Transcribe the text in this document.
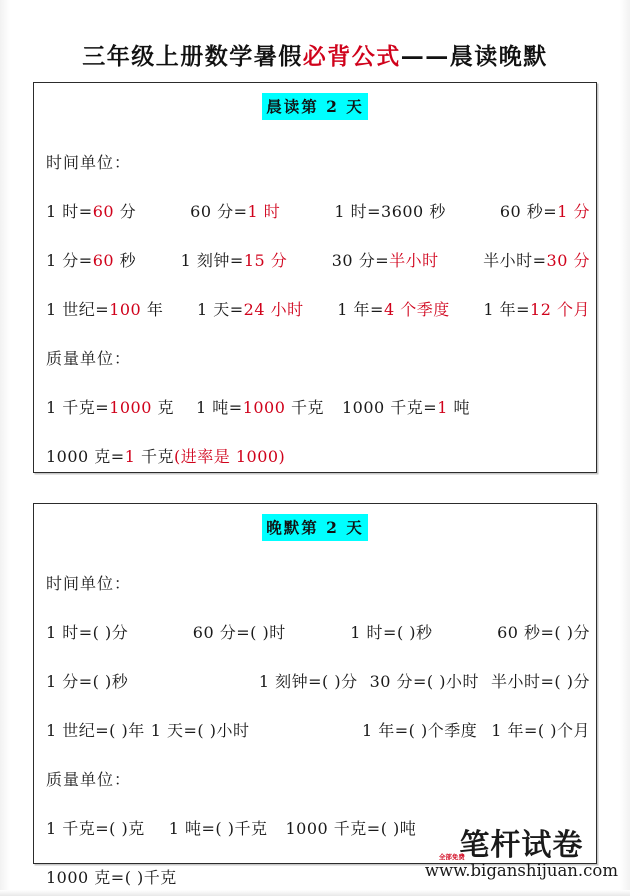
三年级上册数学暑假必背公式——晨读晚默
晨读第 2 天
时间单位：
1 时=60 分	60 分=1 时	1 时=3600 秒	60 秒=1 分
1 分=60 秒	1 刻钟=15 分	30 分=半小时	半小时=30 分
1 世纪=100 年 1 天=24 小时 1 年=4 个季度 1 年=12 个月
质量单位：
1 千克=1000 克 1 吨=1000 千克 1000 千克=1 吨
1000 克=1 千克(进率是 1000)
晚默第 2 天
时间单位：
1 时=( )分	60 分=( )时	1 时=( )秒	60 秒=( )分
1 分=( )秒	1 刻钟=( )分 30 分=( )小时 半小时=( )分
1 世纪=( )年 1 天=( )小时	1 年=( )个季度 1 年=( )个月
质量单位：
1 千克=( )克 1 吨=( )千克 1000 千克=( )吨
1000 克=( )千克
笔杆试卷
全部免费
www.biganshijuan.com
